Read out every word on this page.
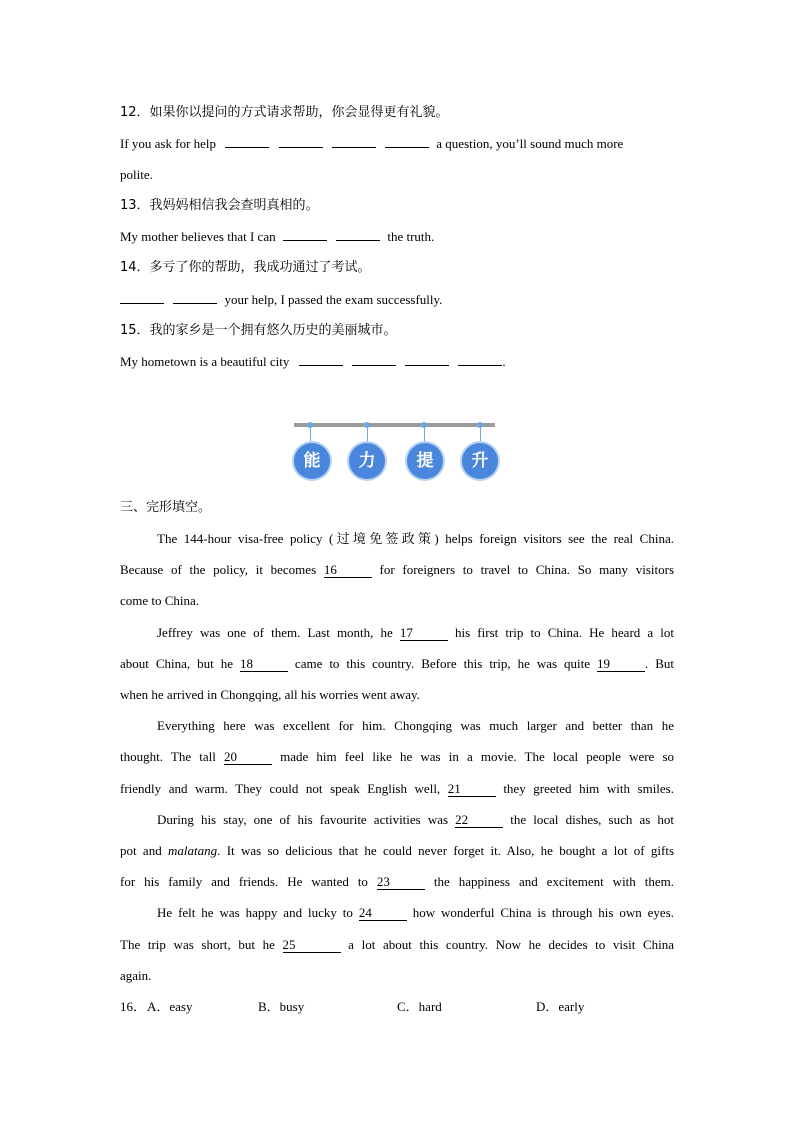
12．如果你以提问的方式请求帮助，你会显得更有礼貌。
If you ask for help	a question, you’ll sound much more
polite.
13．我妈妈相信我会查明真相的。
My mother believes that I can	the truth.
14．多亏了你的帮助，我成功通过了考试。
your help, I passed the exam successfully.
15．我的家乡是一个拥有悠久历史的美丽城市。
My hometown is a beautiful city	.
能	力	提	升
三、完形填空。
The 144-hour visa-free policy (过境免签政策) helps foreign visitors see the real China.
Because of the policy, it becomes 16	for foreigners to travel to China. So many visitors
come to China.
Jeffrey was one of them. Last month, he 17	his first trip to China. He heard a lot
about China, but he 18	came to this country. Before this trip, he was quite 19	. But
when he arrived in Chongqing, all his worries went away.
Everything here was excellent for him. Chongqing was much larger and better than he
thought. The tall 20	made him feel like he was in a movie. The local people were so
friendly and warm. They could not speak English well, 21	they greeted him with smiles.
During his stay, one of his favourite activities was 22	the local dishes, such as hot
pot and malatang. It was so delicious that he could never forget it. Also, he bought a lot of gifts
for his family and friends. He wanted to 23	the happiness and excitement with them.
He felt he was happy and lucky to 24	how wonderful China is through his own eyes.
The trip was short, but he 25	a lot about this country. Now he decides to visit China
again.
16． A．easy	B．busy	C．hard	D．early
